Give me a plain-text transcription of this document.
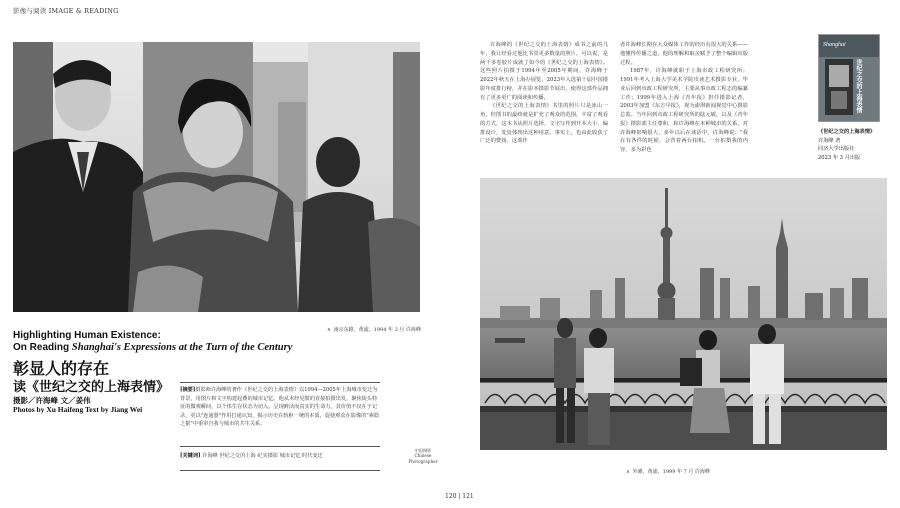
影像与阅读 IMAGE & READING
∧ 南京东路，黄浦，1994 年 3 月 许海峰
Highlighting Human Existence:
On Reading Shanghai's Expressions at the Turn of the Century
彰显人的存在
读《世纪之交的上海表情》
摄影／许海峰 文／姜伟
Photos by Xu Haifeng Text by Jiang Wei
[摘要]摄影师许海峰的著作《世纪之交的上海表情》以1994—2005年上海城市变迁为背景，用图片和文字构建起叠的城市记忆。他从本经见惯的直接拍摄出发，聚焦街头特征的微观瞬间，以个体生存状态为切入，呈现鲜活而真实的生命力。其价值不仅在于记录，更以"连通器"作用打通认知，揭示历史在轨枢一统的本质，促使观众在影像的"素隐之据"中重审自我与城市的共生关系。
[关键词] 许海峰 世纪之交的上海 纪实摄影 城市记忆 时代变迁
中国摄影
Chinese
Photographer

许海峰的《世纪之交的上海表情》成书之前的几年，我让经看过他比书里更多数量的照片，可以说，是两千多卷胶片成就了如今的《世纪之交的上海表情》。这些照片拍摄于1994年至2005年期间，许海峰于2022年秋天在上海办展览，2023年入选第十届中国摄影年度排行榜，并在影本摄影节展出，使得这部作品拥有了更多更广的阅读和传播。

《世纪之交的上海表情》书里的照片只是冰山一角，但图书的最终就是扩充了观众的范围，丰富了观看的方式，这本书从照片选择、文字写作到开本大小、编排设计，处处体现出这种用意。事实上，也由此收获了广泛的赞扬，这部作

者许海峰长期在大众媒体工作的经历有很大的关系——他懂得传播之道，他的理解和取舍赋予了整个编辑出版过程。

1987年，许海峰就职于上海市政工程研究所；1991年考入上海大学美术学院攻读艺术摄影专业，毕业后回到市政工程研究所，主要从事市政工程志的编纂工作；1999年进入上海《青年报》担任摄影记者，2003年加盟《东方早报》，现为澎湃新闻视觉中心摄影总监。当年回到市政工程研究所的陆元敏，以及《青年报》摄影部主任尊和，和许海峰在本种城市的关系，对许海峰影响很大，多年以后在谈话中，许海峰说："我在有各件的时候，会背着两台相机，一台拍摄我的内容，多为彩色

Shanghai
世纪之交的上海表情
《世纪之交的上海表情》
许海峰 著
同济大学出版社
2023 年 3 月出版
∧ 外滩，黄浦，1999 年 7 月 许海峰
120 | 121
